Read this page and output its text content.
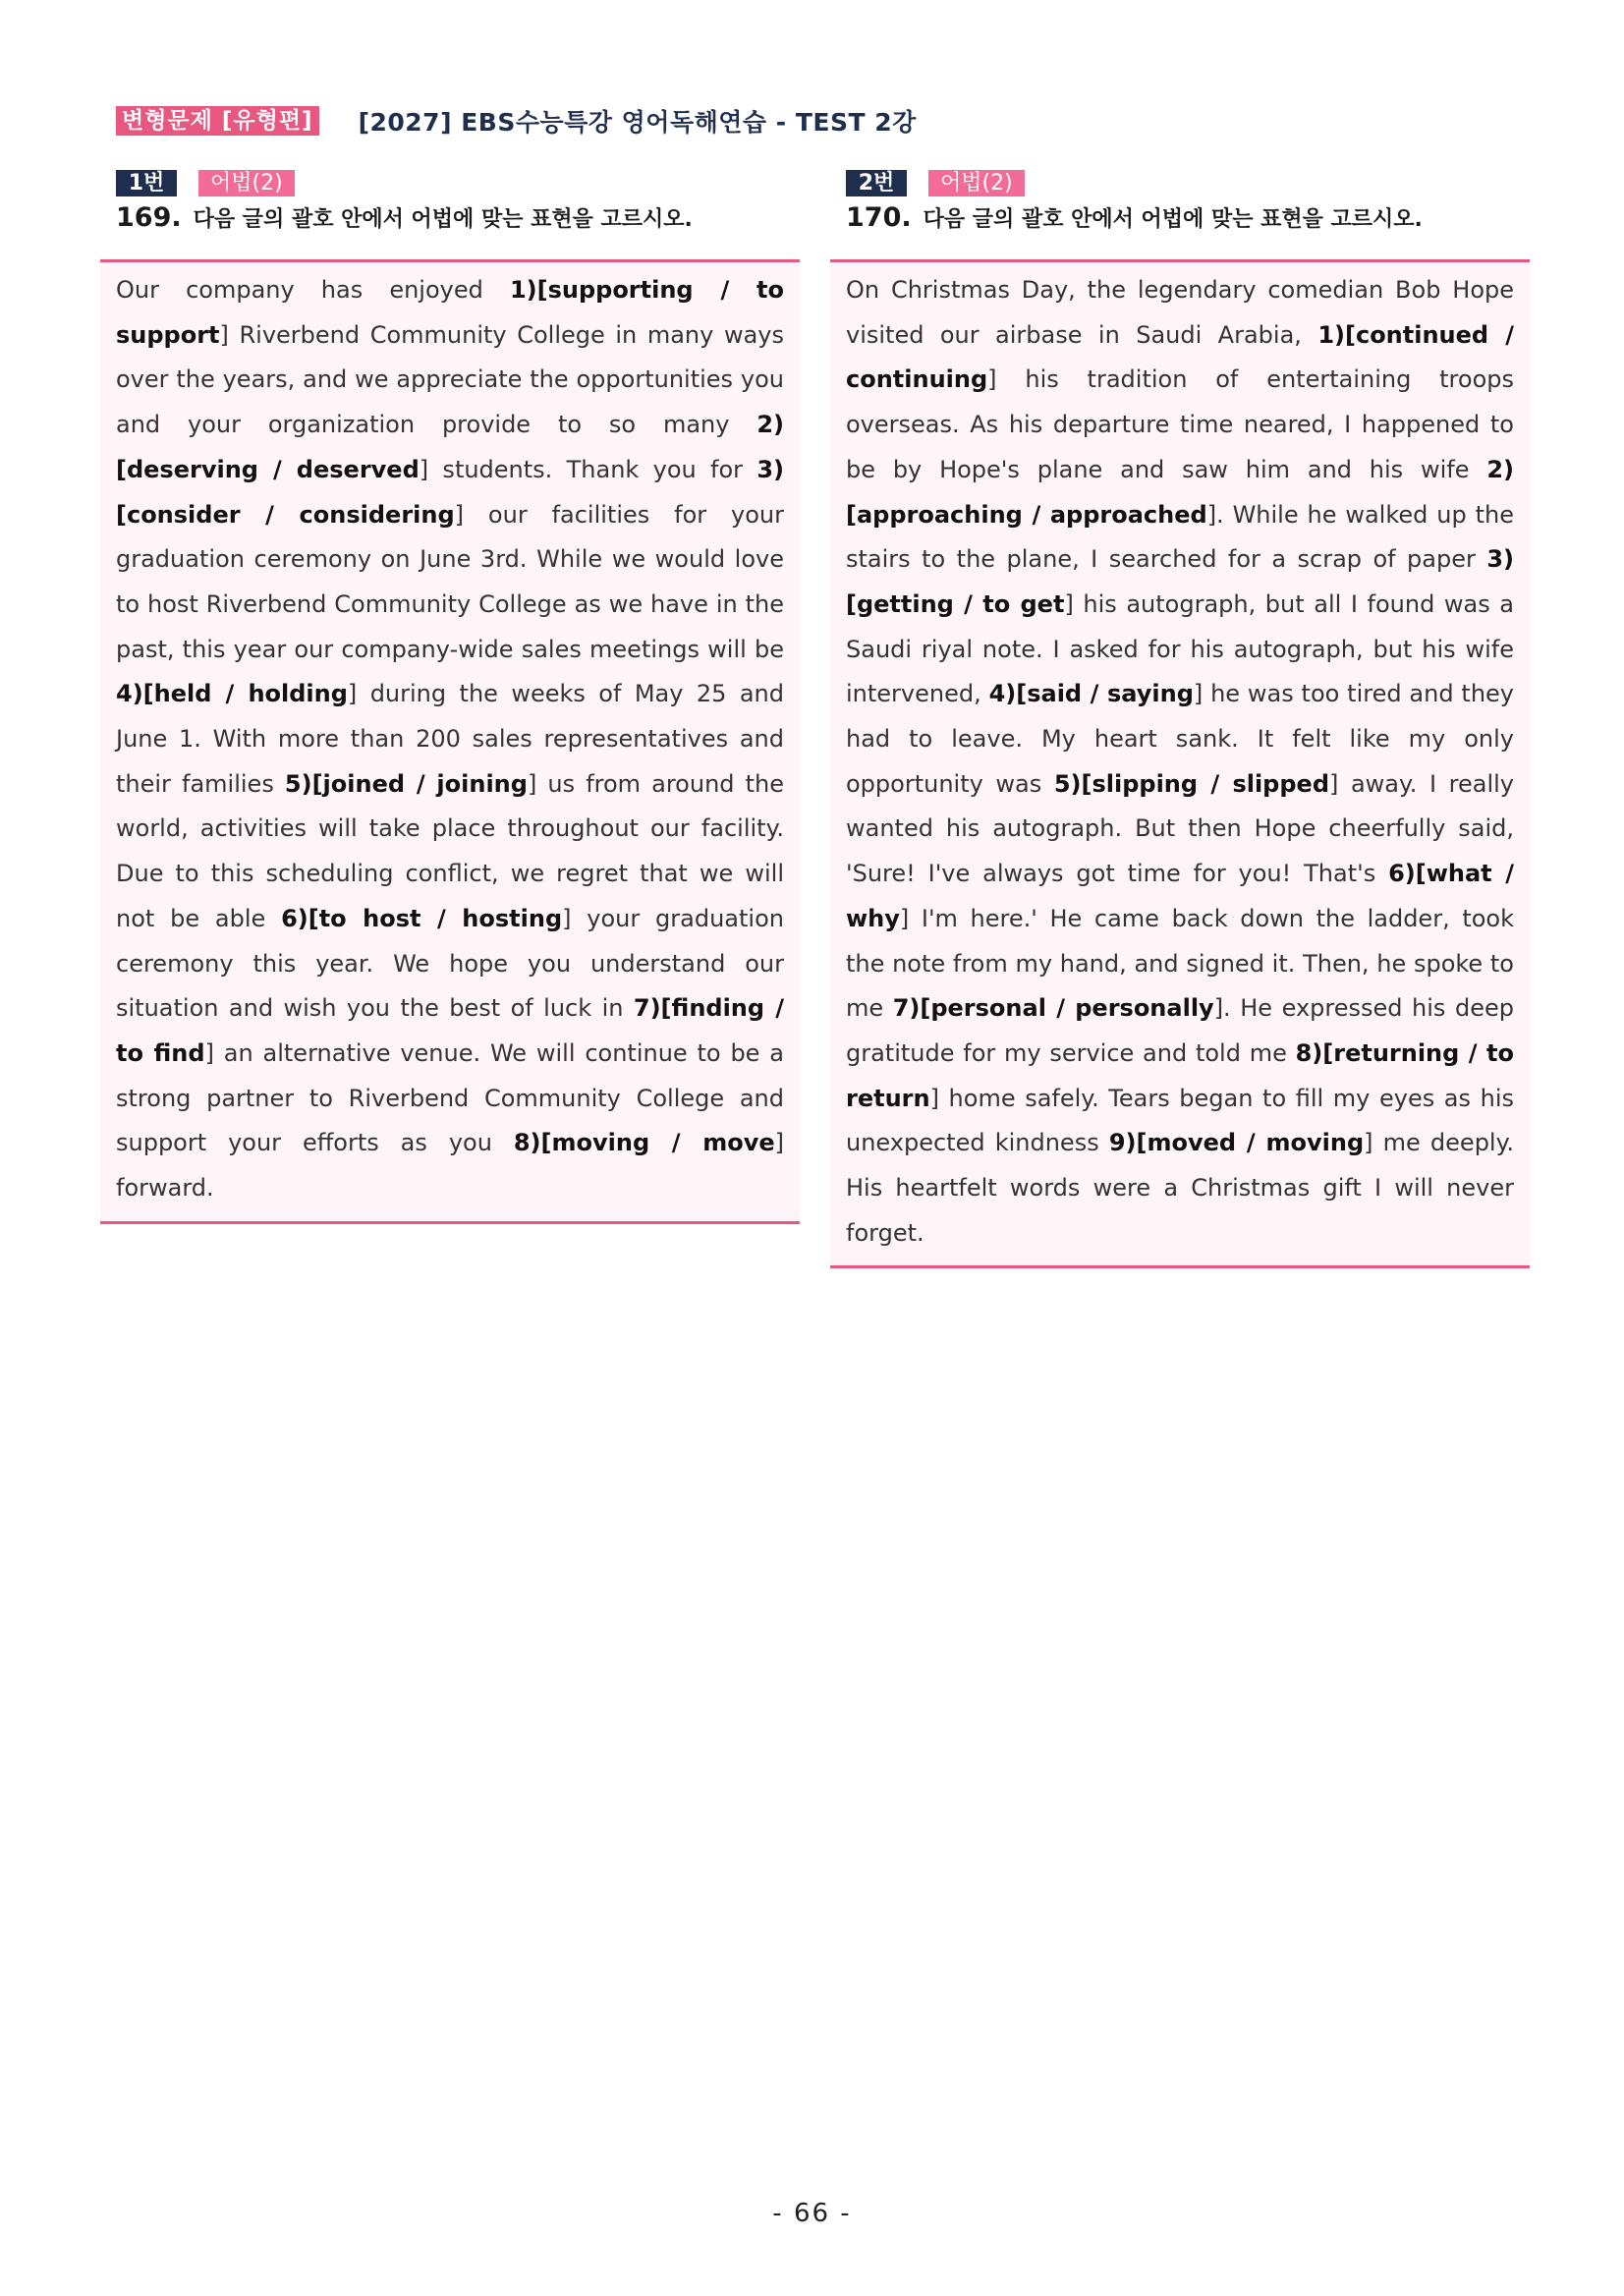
변형문제 [유형편] [2027] EBS수능특강 영어독해연습 - TEST 2강
1번	어법(2)
169. 다음 글의 괄호 안에서 어법에 맞는 표현을 고르시오.

Our company has enjoyed 1)[supporting / to support] Riverbend Community College in many ways over the years, and we appreciate the opportunities you and your organization provide to so many 2)[deserving / deserved] students. Thank you for 3)[consider / considering] our facilities for your graduation ceremony on June 3rd. While we would love to host Riverbend Community College as we have in the past, this year our company-wide sales meetings will be 4)[held / holding] during the weeks of May 25 and June 1. With more than 200 sales representatives and their families 5)[joined / joining] us from around the world, activities will take place throughout our facility. Due to this scheduling conflict, we regret that we will not be able 6)[to host / hosting] your graduation ceremony this year. We hope you understand our situation and wish you the best of luck in 7)[finding / to find] an alternative venue. We will continue to be a strong partner to Riverbend Community College and support your efforts as you 8)[moving / move] forward.

2번	어법(2)
170. 다음 글의 괄호 안에서 어법에 맞는 표현을 고르시오.

On Christmas Day, the legendary comedian Bob Hope visited our airbase in Saudi Arabia, 1)[continued / continuing] his tradition of entertaining troops overseas. As his departure time neared, I happened to be by Hope's plane and saw him and his wife 2)[approaching / approached]. While he walked up the stairs to the plane, I searched for a scrap of paper 3)[getting / to get] his autograph, but all I found was a Saudi riyal note. I asked for his autograph, but his wife intervened, 4)[said / saying] he was too tired and they had to leave. My heart sank. It felt like my only opportunity was 5)[slipping / slipped] away. I really wanted his autograph. But then Hope cheerfully said, 'Sure! I've always got time for you! That's 6)[what / why] I'm here.' He came back down the ladder, took the note from my hand, and signed it. Then, he spoke to me 7)[personal / personally]. He expressed his deep gratitude for my service and told me 8)[returning / to return] home safely. Tears began to fill my eyes as his unexpected kindness 9)[moved / moving] me deeply. His heartfelt words were a Christmas gift I will never forget.

- 66 -
